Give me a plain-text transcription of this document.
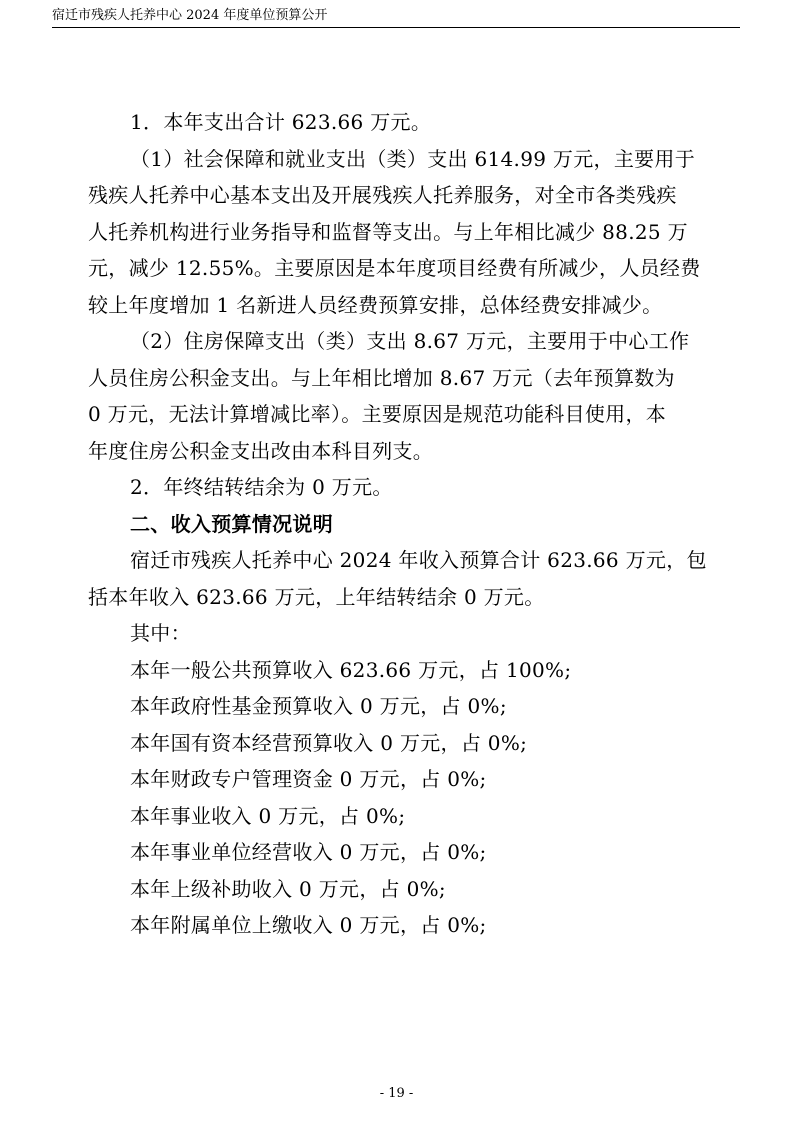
宿迁市残疾人托养中心 2024 年度单位预算公开
1．本年支出合计 623.66 万元。
（1）社会保障和就业支出（类）支出 614.99 万元，主要用于
残疾人托养中心基本支出及开展残疾人托养服务，对全市各类残疾
人托养机构进行业务指导和监督等支出。与上年相比减少 88.25 万
元，减少 12.55%。主要原因是本年度项目经费有所减少，人员经费
较上年度增加 1 名新进人员经费预算安排，总体经费安排减少。
（2）住房保障支出（类）支出 8.67 万元，主要用于中心工作
人员住房公积金支出。与上年相比增加 8.67 万元（去年预算数为
0 万元，无法计算增减比率）。主要原因是规范功能科目使用，本
年度住房公积金支出改由本科目列支。
2．年终结转结余为 0 万元。
二、收入预算情况说明
宿迁市残疾人托养中心 2024 年收入预算合计 623.66 万元，包
括本年收入 623.66 万元，上年结转结余 0 万元。
其中：
本年一般公共预算收入 623.66 万元，占 100%;
本年政府性基金预算收入 0 万元，占 0%;
本年国有资本经营预算收入 0 万元，占 0%;
本年财政专户管理资金 0 万元，占 0%;
本年事业收入 0 万元，占 0%;
本年事业单位经营收入 0 万元，占 0%;
本年上级补助收入 0 万元，占 0%;
本年附属单位上缴收入 0 万元，占 0%;
- 19 -
